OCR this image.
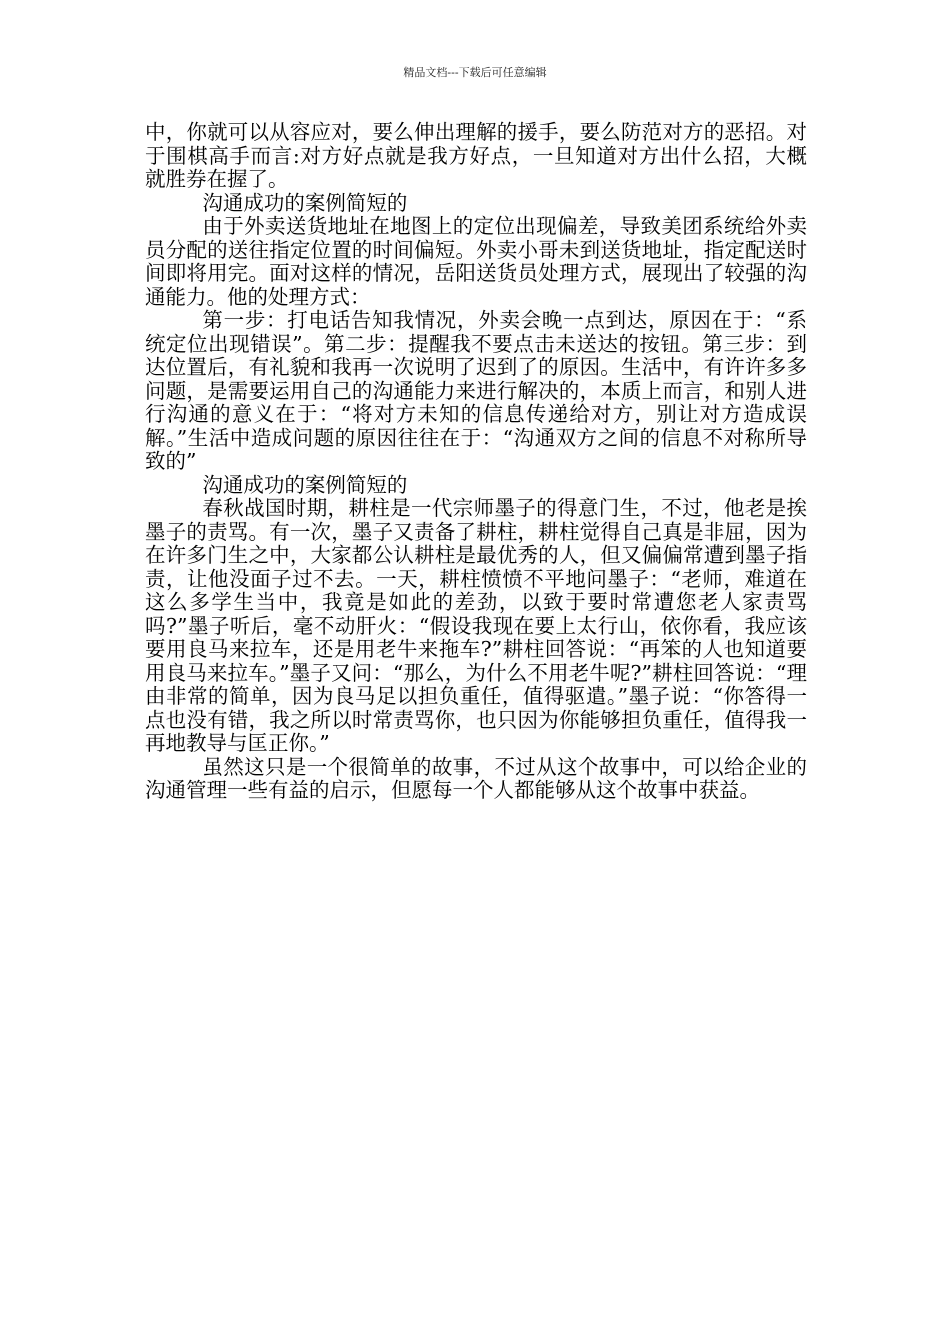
精品文档---下载后可任意编辑

中，你就可以从容应对，要么伸出理解的援手，要么防范对方的恶招。对于围棋高手而言:对方好点就是我方好点，一旦知道对方出什么招，大概就胜券在握了。

沟通成功的案例简短的

由于外卖送货地址在地图上的定位出现偏差，导致美团系统给外卖员分配的送往指定位置的时间偏短。外卖小哥未到送货地址，指定配送时间即将用完。面对这样的情况，岳阳送货员处理方式，展现出了较强的沟通能力。他的处理方式：

第一步：打电话告知我情况，外卖会晚一点到达，原因在于：“系统定位出现错误”。第二步：提醒我不要点击未送达的按钮。第三步：到达位置后，有礼貌和我再一次说明了迟到了的原因。生活中，有许许多多问题，是需要运用自己的沟通能力来进行解决的，本质上而言，和别人进行沟通的意义在于：“将对方未知的信息传递给对方，别让对方造成误解。”生活中造成问题的原因往往在于：“沟通双方之间的信息不对称所导致的”

沟通成功的案例简短的

春秋战国时期，耕柱是一代宗师墨子的得意门生，不过，他老是挨墨子的责骂。有一次，墨子又责备了耕柱，耕柱觉得自己真是非屈，因为在许多门生之中，大家都公认耕柱是最优秀的人，但又偏偏常遭到墨子指责，让他没面子过不去。一天，耕柱愤愤不平地问墨子：“老师，难道在这么多学生当中，我竟是如此的差劲，以致于要时常遭您老人家责骂吗?”墨子听后，毫不动肝火：“假设我现在要上太行山，依你看，我应该要用良马来拉车，还是用老牛来拖车?”耕柱回答说：“再笨的人也知道要用良马来拉车。”墨子又问：“那么，为什么不用老牛呢?”耕柱回答说：“理由非常的简单，因为良马足以担负重任，值得驱遣。”墨子说：“你答得一点也没有错，我之所以时常责骂你，也只因为你能够担负重任，值得我一再地教导与匡正你。”

虽然这只是一个很简单的故事，不过从这个故事中，可以给企业的沟通管理一些有益的启示，但愿每一个人都能够从这个故事中获益。
